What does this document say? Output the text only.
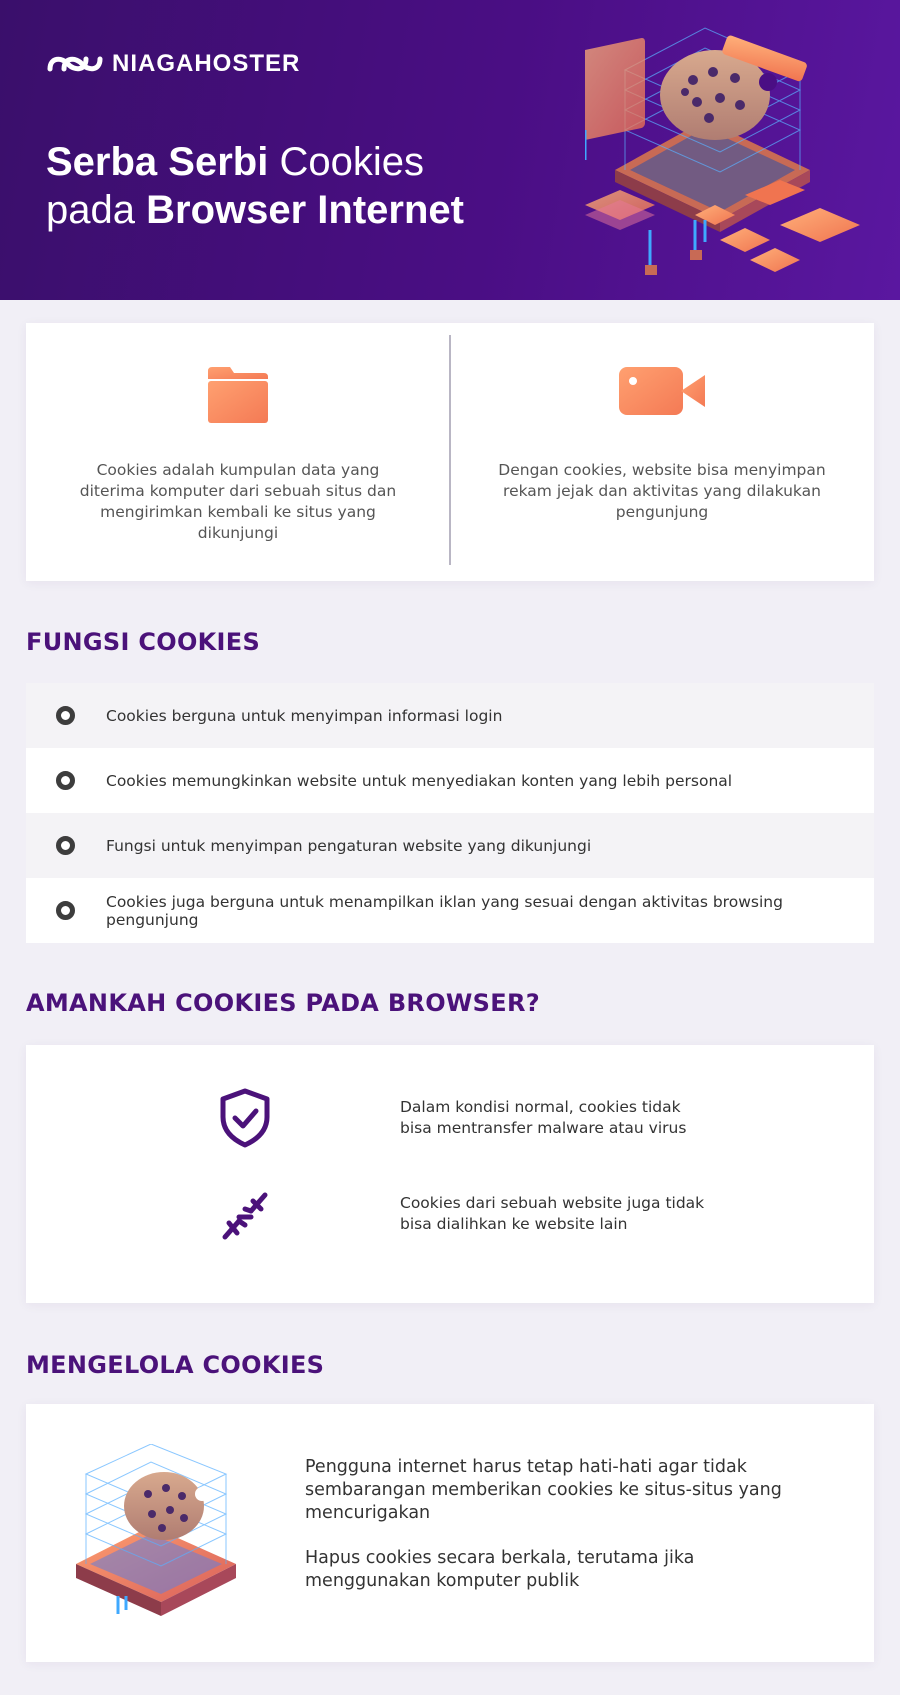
NIAGAHOSTER
Serba Serbi Cookies
pada Browser Internet
Cookies adalah kumpulan data yang diterima komputer dari sebuah situs dan mengirimkan kembali ke situs yang dikunjungi
Dengan cookies, website bisa menyimpan rekam jejak dan aktivitas yang dilakukan pengunjung
FUNGSI COOKIES
Cookies berguna untuk menyimpan informasi login
Cookies memungkinkan website untuk menyediakan konten yang lebih personal
Fungsi untuk menyimpan pengaturan website yang dikunjungi
Cookies juga berguna untuk menampilkan iklan yang sesuai dengan aktivitas browsing pengunjung
AMANKAH COOKIES PADA BROWSER?
Dalam kondisi normal, cookies tidak
bisa mentransfer malware atau virus
Cookies dari sebuah website juga tidak
bisa dialihkan ke website lain
MENGELOLA COOKIES
Pengguna internet harus tetap hati-hati agar tidak sembarangan memberikan cookies ke situs-situs yang mencurigakan
Hapus cookies secara berkala, terutama jika menggunakan komputer publik
